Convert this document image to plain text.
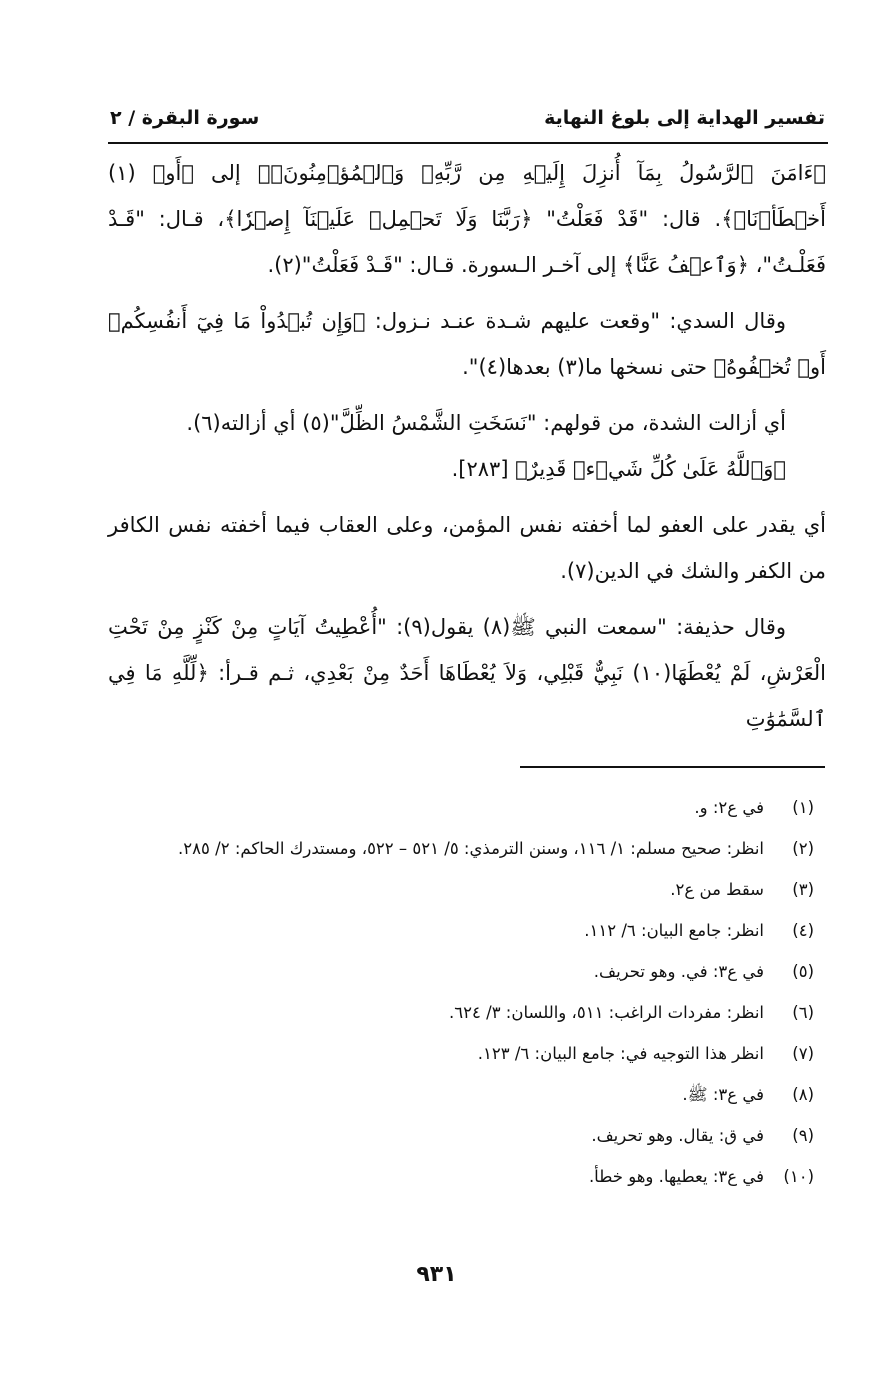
تفسير الهداية إلى بلوغ النهاية
سورة البقرة / ٢

﴿ءَامَنَ ٱلرَّسُولُ بِمَآ أُنزِلَ إِلَيۡهِ مِن رَّبِّهِۦ وَٱلۡمُؤۡمِنُونَۚ﴾ إلى ﴿أَوۡ (١) أَخۡطَأۡنَاۚ﴾. قال: "قَدْ فَعَلْتُ" ﴿رَبَّنَا وَلَا تَحۡمِلۡ عَلَيۡنَآ إِصۡرٗا﴾، قـال: "قَـدْ فَعَلْـتُ"، ﴿وَٱعۡفُ عَنَّا﴾ إلى آخـر الـسورة. قـال: "قَـدْ فَعَلْتُ"(٢).

وقال السدي: "وقعت عليهم شـدة عنـد نـزول: ﴿وَإِن تُبۡدُواْ مَا فِيٓ أَنفُسِكُمۡ أَوۡ تُخۡفُوهُ﴾ حتى نسخها ما(٣) بعدها(٤)".

أي أزالت الشدة، من قولهم: "نَسَخَتِ الشَّمْسُ الظِّلَّ"(٥) أي أزالته(٦).

﴿وَٱللَّهُ عَلَىٰ كُلِّ شَيۡءٖ قَدِيرٌ﴾ [٢٨٣].

أي يقدر على العفو لما أخفته نفس المؤمن، وعلى العقاب فيما أخفته نفس الكافر من الكفر والشك في الدين(٧).

وقال حذيفة: "سمعت النبي ﷺ(٨) يقول(٩): "أُعْطِيتُ آيَاتٍ مِنْ كَنْزٍ مِنْ تَحْتِ الْعَرْشِ، لَمْ يُعْطَهَا(١٠) نَبِيٌّ قَبْلِي، وَلاَ يُعْطَاهَا أَحَدٌ مِنْ بَعْدِي، ثـم قـرأ: ﴿لِّلَّهِ مَا فِي ٱلسَّمَٰوَٰتِ

(١)
في ع٢: و.
(٢)
انظر: صحيح مسلم: ١/ ١١٦، وسنن الترمذي: ٥/ ٥٢١ – ٥٢٢، ومستدرك الحاكم: ٢/ ٢٨٥.
(٣)
سقط من ع٢.
(٤)
انظر: جامع البيان: ٦/ ١١٢.
(٥)
في ع٣: في. وهو تحريف.
(٦)
انظر: مفردات الراغب: ٥١١، واللسان: ٣/ ٦٢٤.
(٧)
انظر هذا التوجيه في: جامع البيان: ٦/ ١٢٣.
(٨)
في ع٣: ﷺ.
(٩)
في ق: يقال. وهو تحريف.
(١٠)
في ع٣: يعطيها. وهو خطأ.
٩٣١
